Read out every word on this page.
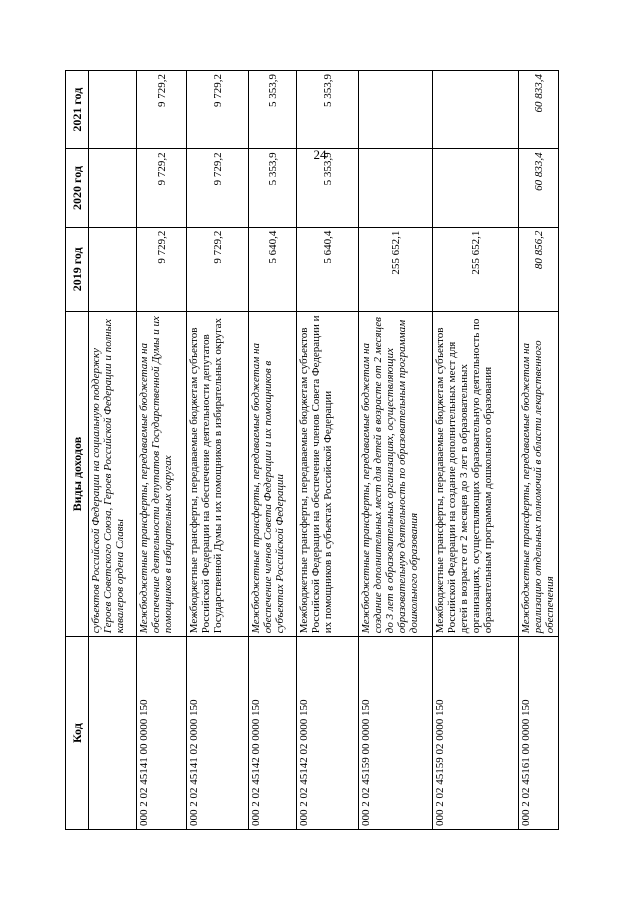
24
Код	Виды доходов	2019 год	2020 год	2021 год
	субъектов Российской Федерации на социальную поддержку Героев Советского Союза, Героев Российской Федерации и полных кавалеров ордена Славы			
000 2 02 45141 00 0000 150	Межбюджетные трансферты, передаваемые бюджетам на обеспечение деятельности депутатов Государственной Думы и их помощников в избирательных округах	9 729,2	9 729,2	9 729,2
000 2 02 45141 02 0000 150	Межбюджетные трансферты, передаваемые бюджетам субъектов Российской Федерации на обеспечение деятельности депутатов Государственной Думы и их помощников в избирательных округах	9 729,2	9 729,2	9 729,2
000 2 02 45142 00 0000 150	Межбюджетные трансферты, передаваемые бюджетам на обеспечение членов Совета Федерации и их помощников в субъектах Российской Федерации	5 640,4	5 353,9	5 353,9
000 2 02 45142 02 0000 150	Межбюджетные трансферты, передаваемые бюджетам субъектов Российской Федерации на обеспечение членов Совета Федерации и их помощников в субъектах Российской Федерации	5 640,4	5 353,9	5 353,9
000 2 02 45159 00 0000 150	Межбюджетные трансферты, передаваемые бюджетам на создание дополнительных мест для детей в возрасте от 2 месяцев до 3 лет в образовательных организациях, осуществляющих образовательную деятельность по образовательным программам дошкольного образования	255 652,1		
000 2 02 45159 02 0000 150	Межбюджетные трансферты, передаваемые бюджетам субъектов Российской Федерации на создание дополнительных мест для детей в возрасте от 2 месяцев до 3 лет в образовательных организациях, осуществляющих образовательную деятельность по образовательным программам дошкольного образования	255 652,1		
000 2 02 45161 00 0000 150	Межбюджетные трансферты, передаваемые бюджетам на реализацию отдельных полномочий в области лекарственного обеспечения	80 856,2	60 833,4	60 833,4
